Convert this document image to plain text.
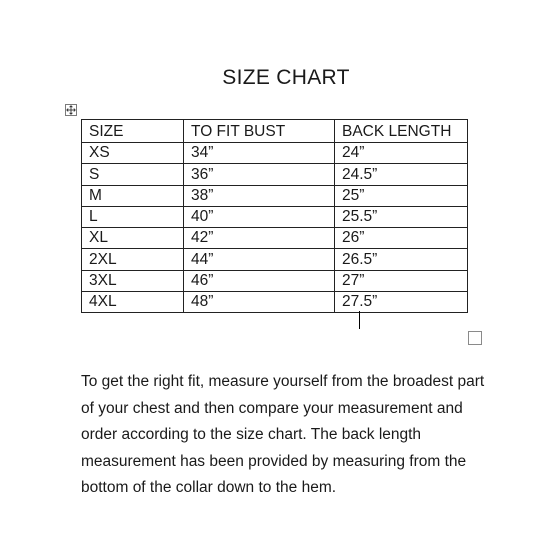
SIZE CHART
SIZE	TO FIT BUST	BACK LENGTH
XS	34”	24”
S	36”	24.5”
M	38”	25”
L	40”	25.5”
XL	42”	26”
2XL	44”	26.5”
3XL	46”	27”
4XL	48”	27.5”

To get the right fit, measure yourself from the broadest part of your chest and then compare your measurement and order according to the size chart. The back length measurement has been provided by measuring from the bottom of the collar down to the hem.
